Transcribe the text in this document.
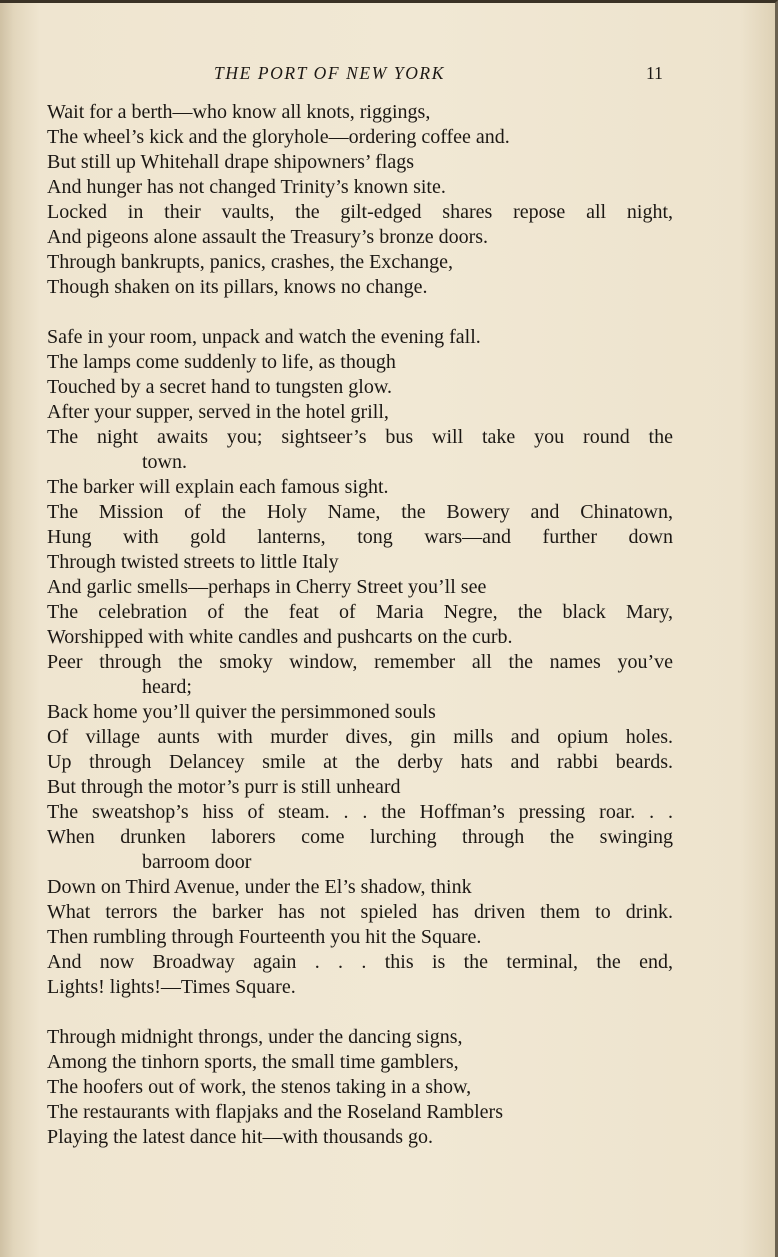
THE PORT OF NEW YORK	11
Wait for a berth—who know all knots, riggings,
The wheel’s kick and the gloryhole—ordering coffee and.
But still up Whitehall drape shipowners’ flags
And hunger has not changed Trinity’s known site.
Locked in their vaults, the gilt-edged shares repose all night,
And pigeons alone assault the Treasury’s bronze doors.
Through bankrupts, panics, crashes, the Exchange,
Though shaken on its pillars, knows no change.
Safe in your room, unpack and watch the evening fall.
The lamps come suddenly to life, as though
Touched by a secret hand to tungsten glow.
After your supper, served in the hotel grill,
The night awaits you; sightseer’s bus will take you round the
town.
The barker will explain each famous sight.
The Mission of the Holy Name, the Bowery and Chinatown,
Hung with gold lanterns, tong wars—and further down
Through twisted streets to little Italy
And garlic smells—perhaps in Cherry Street you’ll see
The celebration of the feat of Maria Negre, the black Mary,
Worshipped with white candles and pushcarts on the curb.
Peer through the smoky window, remember all the names you’ve
heard;
Back home you’ll quiver the persimmoned souls
Of village aunts with murder dives, gin mills and opium holes.
Up through Delancey smile at the derby hats and rabbi beards.
But through the motor’s purr is still unheard
The sweatshop’s hiss of steam. . . the Hoffman’s pressing roar. . .
When drunken laborers come lurching through the swinging
barroom door
Down on Third Avenue, under the El’s shadow, think
What terrors the barker has not spieled has driven them to drink.
Then rumbling through Fourteenth you hit the Square.
And now Broadway again . . . this is the terminal, the end,
Lights! lights!—Times Square.
Through midnight throngs, under the dancing signs,
Among the tinhorn sports, the small time gamblers,
The hoofers out of work, the stenos taking in a show,
The restaurants with flapjaks and the Roseland Ramblers
Playing the latest dance hit—with thousands go.
